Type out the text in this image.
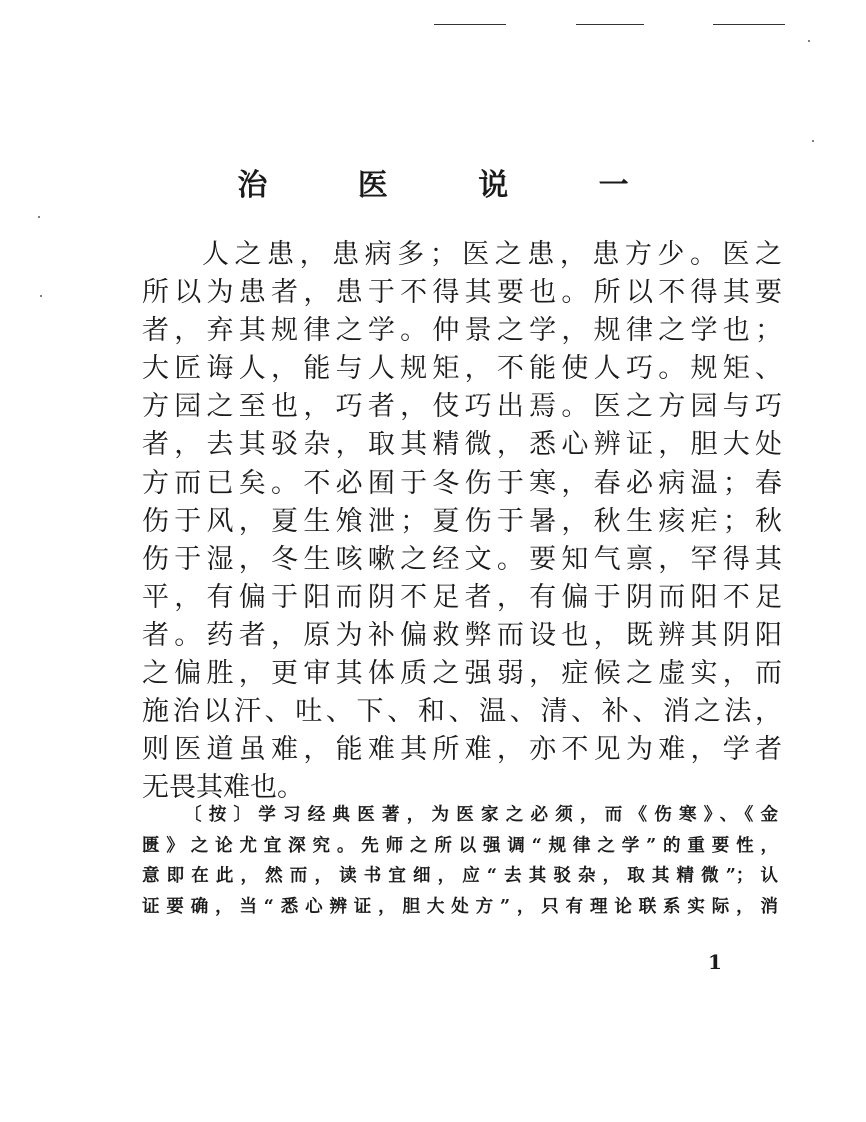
治 医 说 一
人之患，患病多；医之患，患方少。医之
所以为患者，患于不得其要也。所以不得其要
者，弃其规律之学。仲景之学，规律之学也；
大匠诲人，能与人规矩，不能使人巧。规矩、
方园之至也，巧者，伎巧出焉。医之方园与巧
者，去其驳杂，取其精微，悉心辨证，胆大处
方而已矣。不必囿于冬伤于寒，春必病温；春
伤于风，夏生飧泄；夏伤于暑，秋生痎疟；秋
伤于湿，冬生咳嗽之经文。要知气禀，罕得其
平，有偏于阳而阴不足者，有偏于阴而阳不足
者。药者，原为补偏救弊而设也，既辨其阴阳
之偏胜，更审其体质之强弱，症候之虚实，而
施治以汗、吐、下、和、温、清、补、消之法，
则医道虽难，能难其所难，亦不见为难，学者
无畏其难也。
〔按〕学习经典医著，为医家之必须，而《伤寒》、《金
匮》之论尤宜深究。先师之所以强调“规律之学”的重要性，
意即在此，然而，读书宜细，应“去其驳杂，取其精微”；认
证要确，当“悉心辨证，胆大处方”，只有理论联系实际，消
1
